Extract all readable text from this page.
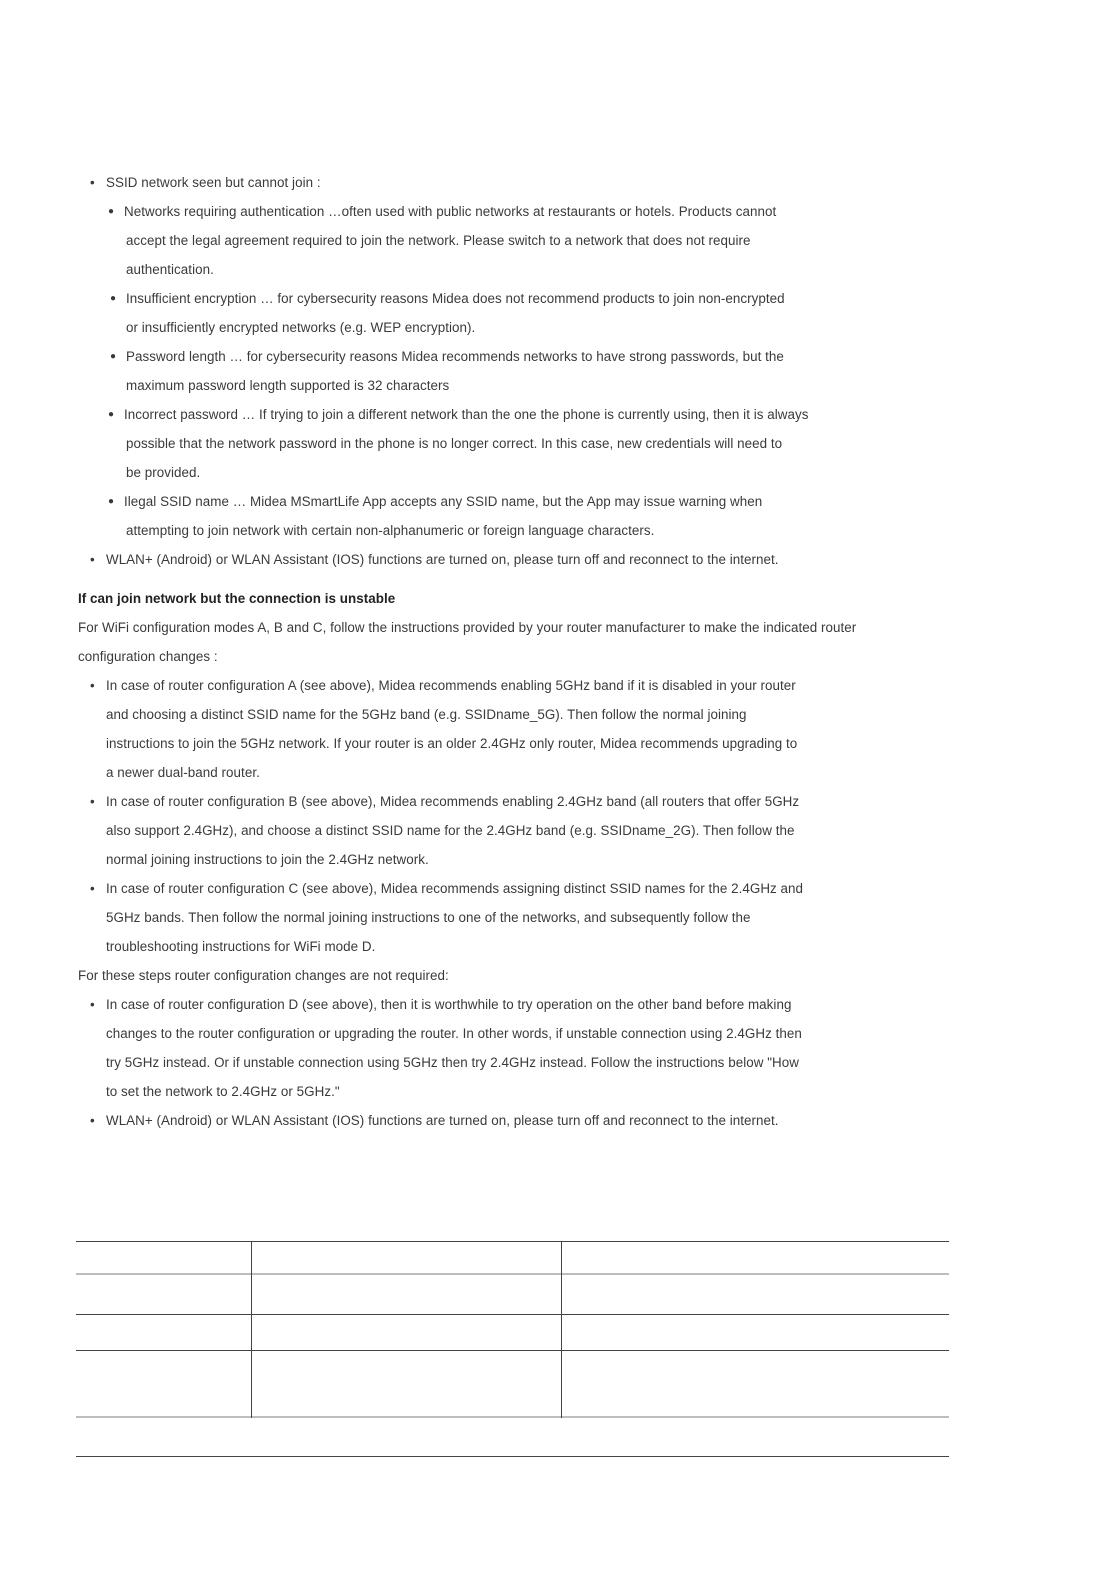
• SSID network seen but cannot join :
● Networks requiring authentication …often used with public networks at restaurants or hotels. Products cannot
accept the legal agreement required to join the network. Please switch to a network that does not require
authentication.
● Insufficient encryption … for cybersecurity reasons Midea does not recommend products to join non-encrypted
or insufficiently encrypted networks (e.g. WEP encryption).
● Password length … for cybersecurity reasons Midea recommends networks to have strong passwords, but the
maximum password length supported is 32 characters
● Incorrect password … If trying to join a different network than the one the phone is currently using, then it is always
possible that the network password in the phone is no longer correct. In this case, new credentials will need to
be provided.
● Ilegal SSID name … Midea MSmartLife App accepts any SSID name, but the App may issue warning when
attempting to join network with certain non-alphanumeric or foreign language characters.
• WLAN+ (Android) or WLAN Assistant (IOS) functions are turned on, please turn off and reconnect to the internet.
If can join network but the connection is unstable
For WiFi configuration modes A, B and C, follow the instructions provided by your router manufacturer to make the indicated router
configuration changes :
• In case of router configuration A (see above), Midea recommends enabling 5GHz band if it is disabled in your router
and choosing a distinct SSID name for the 5GHz band (e.g. SSIDname_5G). Then follow the normal joining
instructions to join the 5GHz network. If your router is an older 2.4GHz only router, Midea recommends upgrading to
a newer dual-band router.
• In case of router configuration B (see above), Midea recommends enabling 2.4GHz band (all routers that offer 5GHz
also support 2.4GHz), and choose a distinct SSID name for the 2.4GHz band (e.g. SSIDname_2G). Then follow the
normal joining instructions to join the 2.4GHz network.
• In case of router configuration C (see above), Midea recommends assigning distinct SSID names for the 2.4GHz and
5GHz bands. Then follow the normal joining instructions to one of the networks, and subsequently follow the
troubleshooting instructions for WiFi mode D.
For these steps router configuration changes are not required:
• In case of router configuration D (see above), then it is worthwhile to try operation on the other band before making
changes to the router configuration or upgrading the router. In other words, if unstable connection using 2.4GHz then
try 5GHz instead. Or if unstable connection using 5GHz then try 2.4GHz instead. Follow the instructions below "How
to set the network to 2.4GHz or 5GHz."
• WLAN+ (Android) or WLAN Assistant (IOS) functions are turned on, please turn off and reconnect to the internet.
